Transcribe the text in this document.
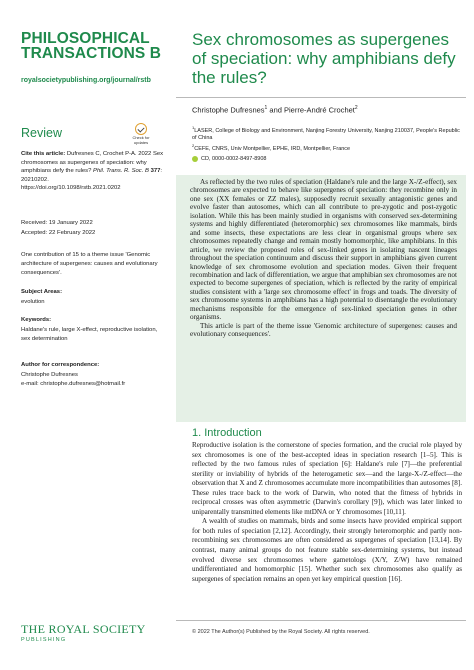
PHILOSOPHICAL
TRANSACTIONS B
royalsocietypublishing.org/journal/rstb
Sex chromosomes as supergenes of speciation: why amphibians defy the rules?
Christophe Dufresnes$^1$ and Pierre-André Crochet$^2$
$^1$LASER, College of Biology and Environment, Nanjing Forestry University, Nanjing 210037, People's Republic of China
$^2$CEFE, CNRS, Univ Montpellier, EPHE, IRD, Montpellier, France
CD, 0000-0002-8497-8908
Review	Check for
updates
Cite this article: Dufresnes C, Crochet P-A. 2022 Sex chromosomes as supergenes of speciation: why amphibians defy the rules? Phil. Trans. R. Soc. B 377: 20210202.
https://doi.org/10.1098/rstb.2021.0202
Received: 19 January 2022
Accepted: 22 February 2022
One contribution of 15 to a theme issue 'Genomic architecture of supergenes: causes and evolutionary consequences'.
Subject Areas:
evolution
Keywords:
Haldane's rule, large X-effect, reproductive isolation, sex determination
Author for correspondence:
Christophe Dufresnes
e-mail: christophe.dufresnes@hotmail.fr

As reflected by the two rules of speciation (Haldane's rule and the large X-/Z-effect), sex chromosomes are expected to behave like supergenes of speciation: they recombine only in one sex (XX females or ZZ males), supposedly recruit sexually antagonistic genes and evolve faster than autosomes, which can all contribute to pre-zygotic and post-zygotic isolation. While this has been mainly studied in organisms with conserved sex-determining systems and highly differentiated (heteromorphic) sex chromosomes like mammals, birds and some insects, these expectations are less clear in organismal groups where sex chromosomes repeatedly change and remain mostly homomorphic, like amphibians. In this article, we review the proposed roles of sex-linked genes in isolating nascent lineages throughout the speciation continuum and discuss their support in amphibians given current knowledge of sex chromosome evolution and speciation modes. Given their frequent recombination and lack of differentiation, we argue that amphibian sex chromosomes are not expected to become supergenes of speciation, which is reflected by the rarity of empirical studies consistent with a 'large sex chromosome effect' in frogs and toads. The diversity of sex chromosome systems in amphibians has a high potential to disentangle the evolutionary mechanisms responsible for the emergence of sex-linked speciation genes in other organisms.

This article is part of the theme issue 'Genomic architecture of supergenes: causes and evolutionary consequences'.

1. Introduction

Reproductive isolation is the cornerstone of species formation, and the crucial role played by sex chromosomes is one of the best-accepted ideas in speciation research [1–5]. This is reflected by the two famous rules of speciation [6]: Haldane's rule [7]—the preferential sterility or inviability of hybrids of the heterogametic sex—and the large-X-/Z-effect—the observation that X and Z chromosomes accumulate more incompatibilities than autosomes [8]. These rules trace back to the work of Darwin, who noted that the fitness of hybrids in reciprocal crosses was often asymmetric (Darwin's corollary [9]), which was later linked to uniparentally transmitted elements like mtDNA or Y chromosomes [10,11].

A wealth of studies on mammals, birds and some insects have provided empirical support for both rules of speciation [2,12]. Accordingly, their strongly heteromorphic and partly non-recombining sex chromosomes are often considered as supergenes of speciation [13,14]. By contrast, many animal groups do not feature stable sex-determining systems, but instead evolved diverse sex chromosomes where gametologs (X/Y, Z/W) have remained undifferentiated and homomorphic [15]. Whether such sex chromosomes also qualify as supergenes of speciation remains an open yet key empirical question [16].

THE ROYAL SOCIETY
PUBLISHING
© 2022 The Author(s) Published by the Royal Society. All rights reserved.
